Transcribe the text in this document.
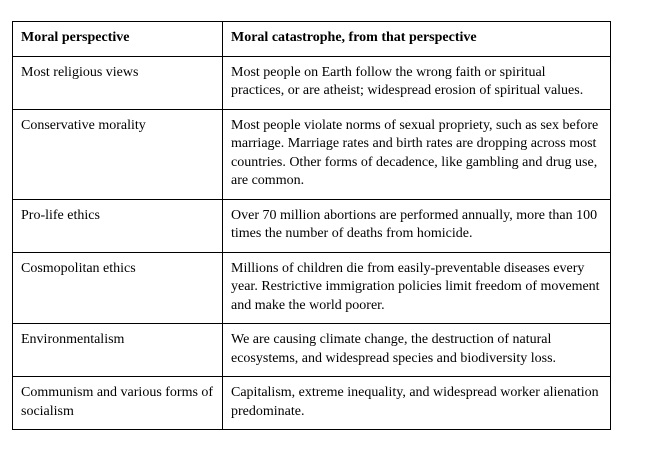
Moral perspective	Moral catastrophe, from that perspective
Most religious views	Most people on Earth follow the wrong faith or spiritual practices, or are atheist; widespread erosion of spiritual values.
Conservative morality	Most people violate norms of sexual propriety, such as sex before marriage. Marriage rates and birth rates are dropping across most countries. Other forms of decadence, like gambling and drug use, are common.
Pro-life ethics	Over 70 million abortions are performed annually, more than 100 times the number of deaths from homicide.
Cosmopolitan ethics	Millions of children die from easily-preventable diseases every year. Restrictive immigration policies limit freedom of movement and make the world poorer.
Environmentalism	We are causing climate change, the destruction of natural ecosystems, and widespread species and biodiversity loss.
Communism and various forms of socialism	Capitalism, extreme inequality, and widespread worker alienation predominate.
